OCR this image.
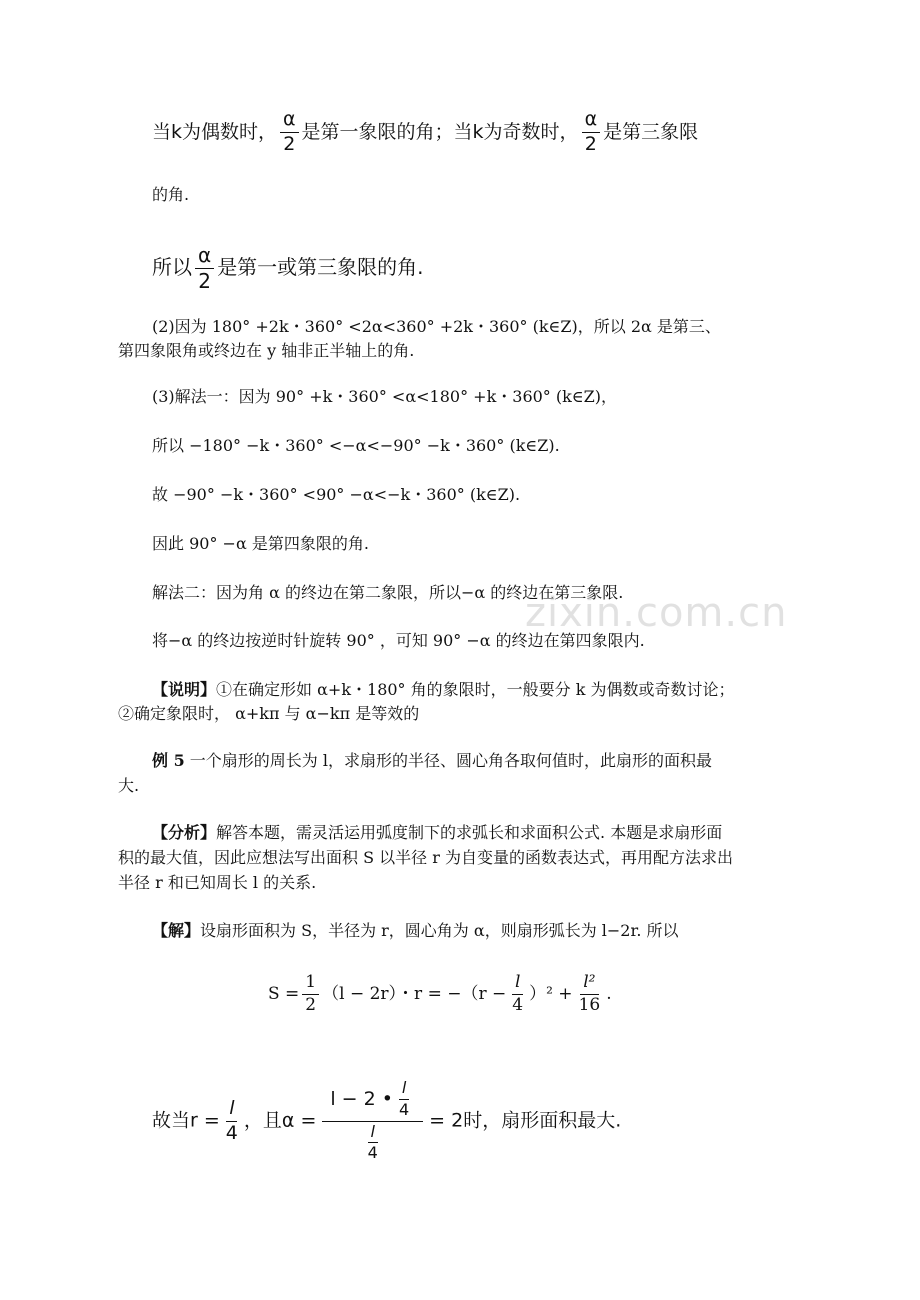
当k为偶数时， $\frac{\alpha}{2}$ 是第一象限的角；当k为奇数时， $\frac{\alpha}{2}$ 是第三象限
的角.
所以 $\frac{\alpha}{2}$ 是第一或第三象限的角.
(2)因为 180° +2k・360° <2α<360° +2k・360° (k∈Z)，所以 2α 是第三、
第四象限角或终边在 y 轴非正半轴上的角.
(3)解法一：因为 90° +k・360° <α<180° +k・360° (k∈Z)，
所以 −180° −k・360° <−α<−90° −k・360° (k∈Z).
故 −90° −k・360° <90° −α<−k・360° (k∈Z).
因此 90° −α 是第四象限的角.
解法二：因为角 α 的终边在第二象限，所以−α 的终边在第三象限.
将−α 的终边按逆时针旋转 90° ，可知 90° −α 的终边在第四象限内.
zixin.com.cn
【说明】①在确定形如 α+k・180° 角的象限时，一般要分 k 为偶数或奇数讨论；
②确定象限时， α+kπ 与 α−kπ 是等效的
例 5 一个扇形的周长为 l，求扇形的半径、圆心角各取何值时，此扇形的面积最
大.
【分析】解答本题，需灵活运用弧度制下的求弧长和求面积公式. 本题是求扇形面
积的最大值，因此应想法写出面积 S 以半径 r 为自变量的函数表达式，再用配方法求出
半径 r 和已知周长 l 的关系.
【解】设扇形面积为 S，半径为 r，圆心角为 α，则扇形弧长为 l−2r. 所以
$S = \frac{1}{2} (l - 2r)$・$r = -(r - \frac{l}{4} )^2 + \frac{\text{l²}}{16}$ .
故当$r = \frac{l}{4}$ ，且$\alpha = \frac{l - 2 • \frac{l}{4}}{\frac{l}{4}} = 2$时，扇形面积最大.
